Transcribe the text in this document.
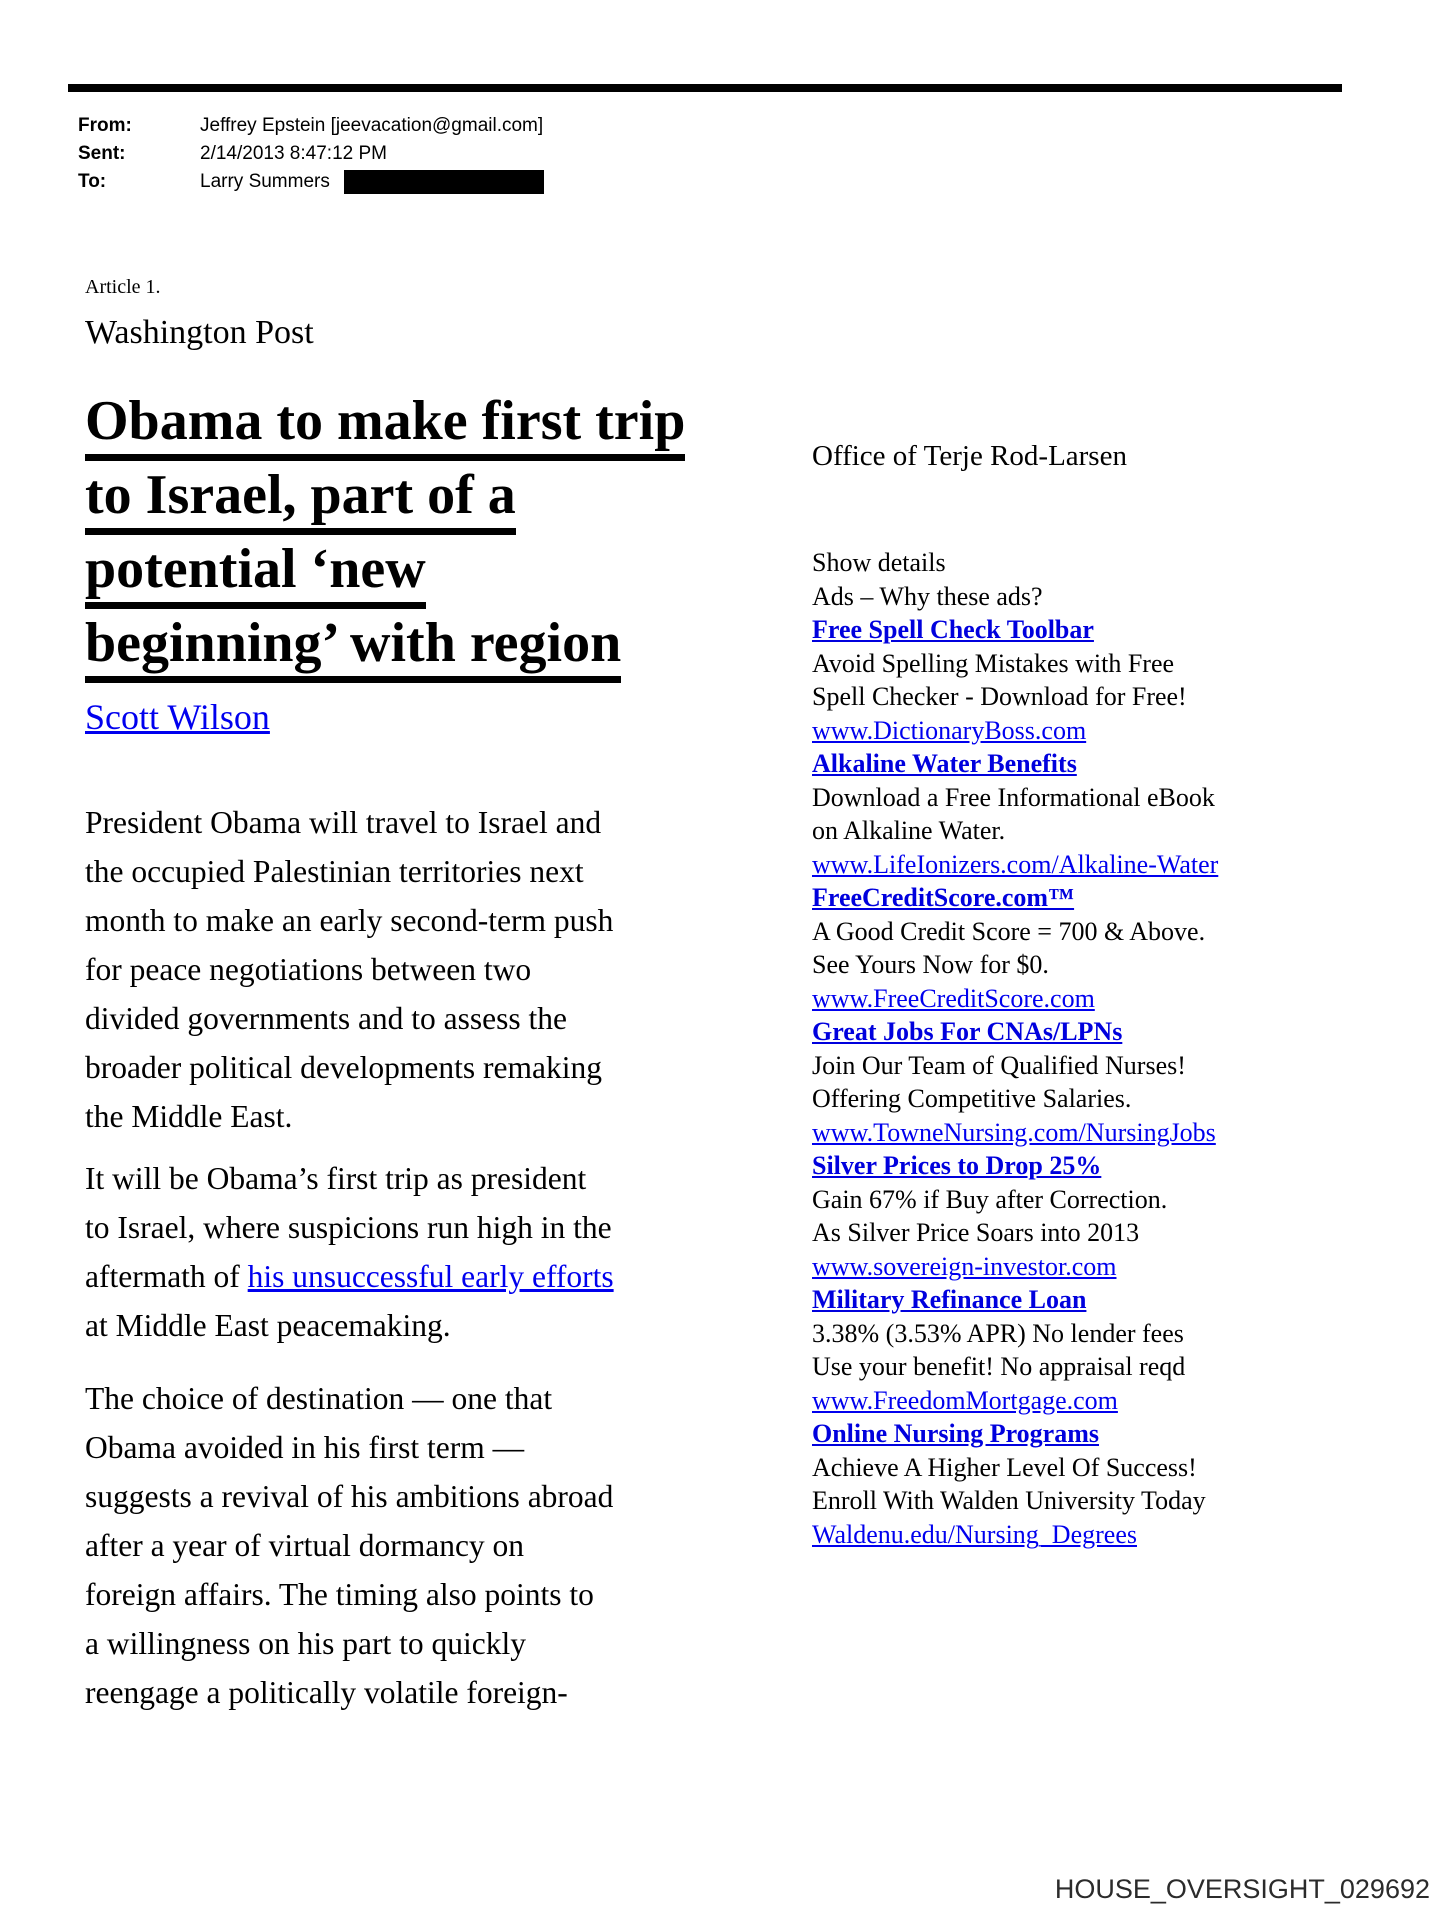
From:	Jeffrey Epstein [jeevacation@gmail.com]
Sent:	2/14/2013 8:47:12 PM
To:	Larry Summers
Article 1.
Washington Post
Obama to make first trip
to Israel, part of a
potential ‘new
beginning’ with region
Scott Wilson
President Obama will travel to Israel and
the occupied Palestinian territories next
month to make an early second-term push
for peace negotiations between two
divided governments and to assess the
broader political developments remaking
the Middle East.
It will be Obama’s first trip as president
to Israel, where suspicions run high in the
aftermath of his unsuccessful early efforts
at Middle East peacemaking.
The choice of destination — one that
Obama avoided in his first term —
suggests a revival of his ambitions abroad
after a year of virtual dormancy on
foreign affairs. The timing also points to
a willingness on his part to quickly
reengage a politically volatile foreign-
Office of Terje Rod-Larsen
Show details
Ads – Why these ads?
Free Spell Check Toolbar
Avoid Spelling Mistakes with Free
Spell Checker - Download for Free!
www.DictionaryBoss.com
Alkaline Water Benefits
Download a Free Informational eBook
on Alkaline Water.
www.LifeIonizers.com/Alkaline-Water
FreeCreditScore.com™
A Good Credit Score = 700 & Above.
See Yours Now for $0.
www.FreeCreditScore.com
Great Jobs For CNAs/LPNs
Join Our Team of Qualified Nurses!
Offering Competitive Salaries.
www.TowneNursing.com/NursingJobs
Silver Prices to Drop 25%
Gain 67% if Buy after Correction.
As Silver Price Soars into 2013
www.sovereign-investor.com
Military Refinance Loan
3.38% (3.53% APR) No lender fees
Use your benefit! No appraisal reqd
www.FreedomMortgage.com
Online Nursing Programs
Achieve A Higher Level Of Success!
Enroll With Walden University Today
Waldenu.edu/Nursing_Degrees
HOUSE_OVERSIGHT_029692
